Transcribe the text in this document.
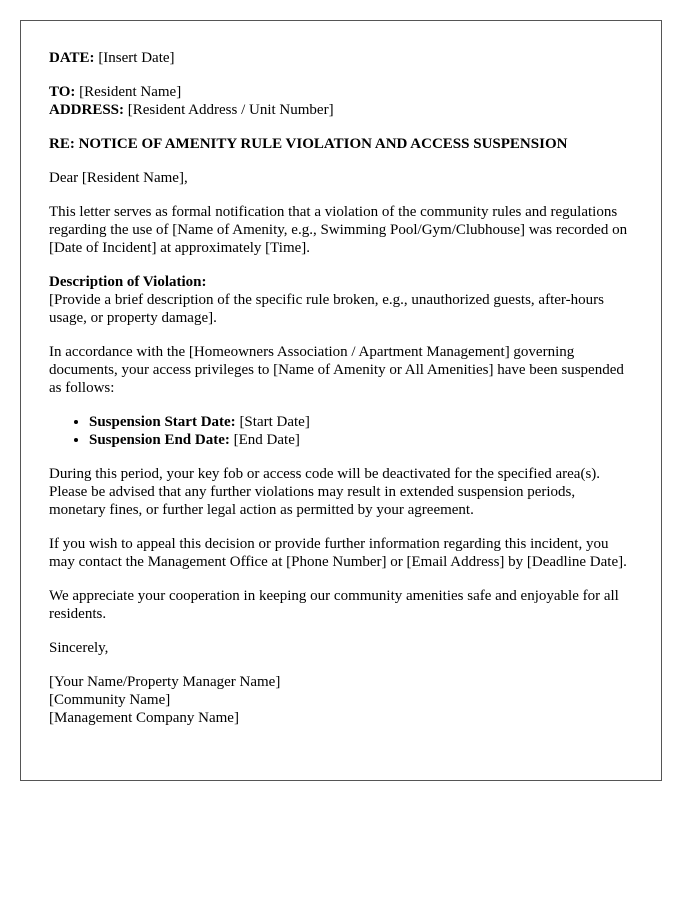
DATE: [Insert Date]

TO: [Resident Name]

ADDRESS: [Resident Address / Unit Number]

RE: NOTICE OF AMENITY RULE VIOLATION AND ACCESS SUSPENSION

Dear [Resident Name],

This letter serves as formal notification that a violation of the community rules and regulations regarding the use of [Name of Amenity, e.g., Swimming Pool/Gym/Clubhouse] was recorded on [Date of Incident] at approximately [Time].

Description of Violation:
[Provide a brief description of the specific rule broken, e.g., unauthorized guests, after-hours usage, or property damage].

In accordance with the [Homeowners Association / Apartment Management] governing documents, your access privileges to [Name of Amenity or All Amenities] have been suspended as follows:

• Suspension Start Date: [Start Date]
• Suspension End Date: [End Date]

During this period, your key fob or access code will be deactivated for the specified area(s). Please be advised that any further violations may result in extended suspension periods, monetary fines, or further legal action as permitted by your agreement.

If you wish to appeal this decision or provide further information regarding this incident, you may contact the Management Office at [Phone Number] or [Email Address] by [Deadline Date].

We appreciate your cooperation in keeping our community amenities safe and enjoyable for all residents.

Sincerely,

[Your Name/Property Manager Name]

[Community Name]

[Management Company Name]
